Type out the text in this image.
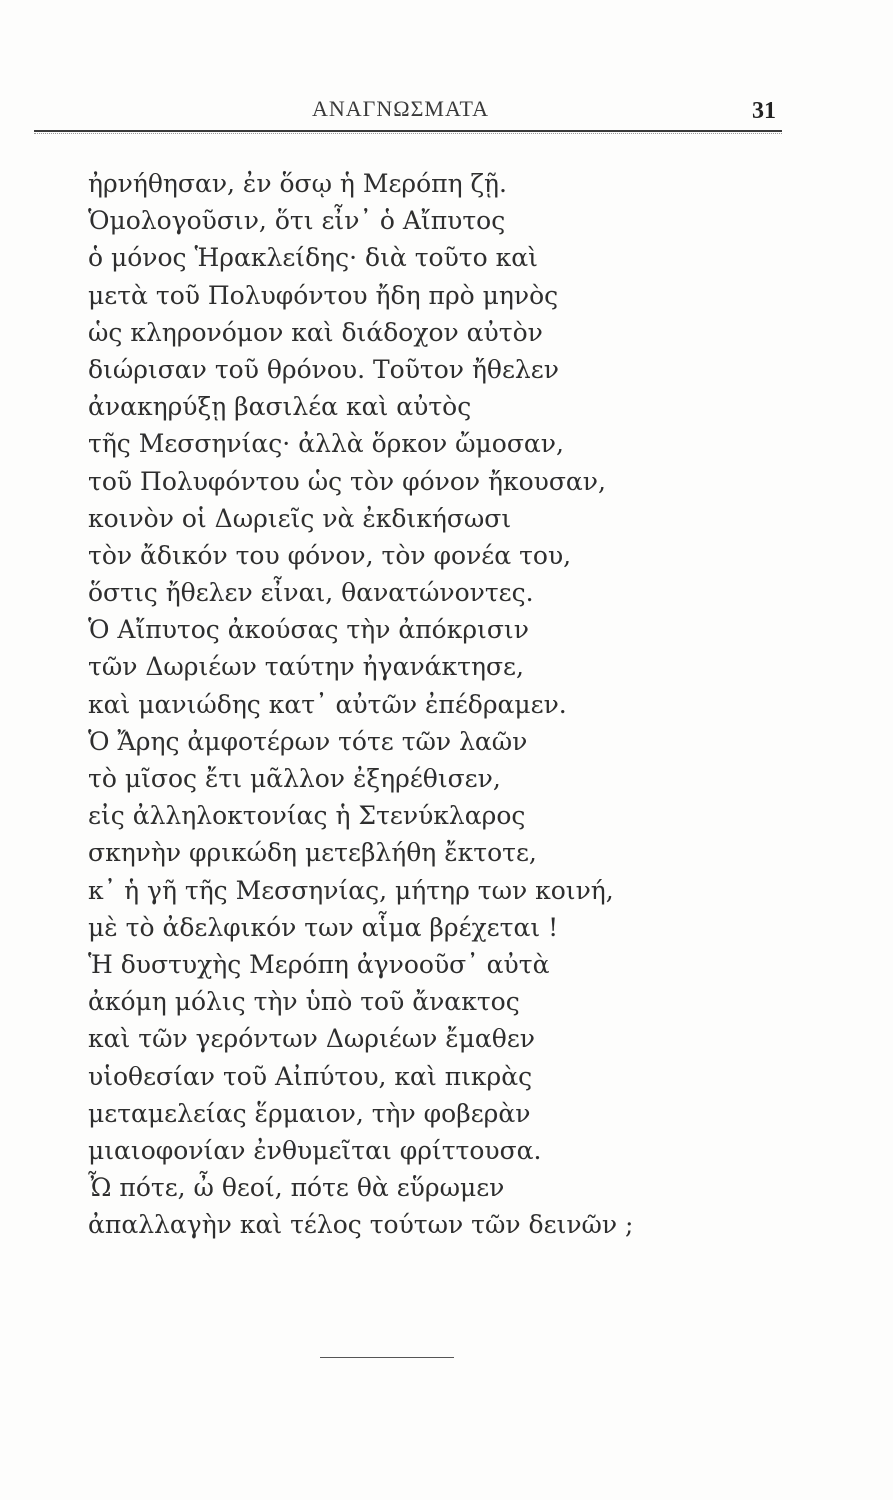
ΑΝΑΓΝΩΣΜΑΤΑ	31
ἠρνήθησαν, ἐν ὅσῳ ἡ Μερόπη ζῇ.
Ὁμολογοῦσιν, ὅτι εἶν᾽ ὁ Αἴπυτος
ὁ μόνος Ἡρακλείδης· διὰ τοῦτο καὶ
μετὰ τοῦ Πολυφόντου ἤδη πρὸ μηνὸς
ὡς κληρονόμον καὶ διάδοχον αὐτὸν
διώρισαν τοῦ θρόνου. Τοῦτον ἤθελεν
ἀνακηρύξῃ βασιλέα καὶ αὐτὸς
τῆς Μεσσηνίας· ἀλλὰ ὅρκον ὤμοσαν,
τοῦ Πολυφόντου ὡς τὸν φόνον ἤκουσαν,
κοινὸν οἱ Δωριεῖς νὰ ἐκδικήσωσι
τὸν ἄδικόν του φόνον, τὸν φονέα του,
ὅστις ἤθελεν εἶναι, θανατώνοντες.
Ὁ Αἴπυτος ἀκούσας τὴν ἀπόκρισιν
τῶν Δωριέων ταύτην ἠγανάκτησε,
καὶ μανιώδης κατ᾽ αὐτῶν ἐπέδραμεν.
Ὁ Ἄρης ἀμφοτέρων τότε τῶν λαῶν
τὸ μῖσος ἔτι μᾶλλον ἐξηρέθισεν,
εἰς ἀλληλοκτονίας ἡ Στενύκλαρος
σκηνὴν φρικώδη μετεβλήθη ἔκτοτε,
κ᾽ ἡ γῆ τῆς Μεσσηνίας, μήτηρ των κοινή,
μὲ τὸ ἀδελφικόν των αἷμα βρέχεται !
Ἡ δυστυχὴς Μερόπη ἀγνοοῦσ᾽ αὐτὰ
ἀκόμη μόλις τὴν ὑπὸ τοῦ ἄνακτος
καὶ τῶν γερόντων Δωριέων ἔμαθεν
υἱοθεσίαν τοῦ Αἰπύτου, καὶ πικρὰς
μεταμελείας ἕρμαιον, τὴν φοβερὰν
μιαιοφονίαν ἐνθυμεῖται φρίττουσα.
Ὦ πότε, ὦ θεοί, πότε θὰ εὕρωμεν
ἀπαλλαγὴν καὶ τέλος τούτων τῶν δεινῶν ;
